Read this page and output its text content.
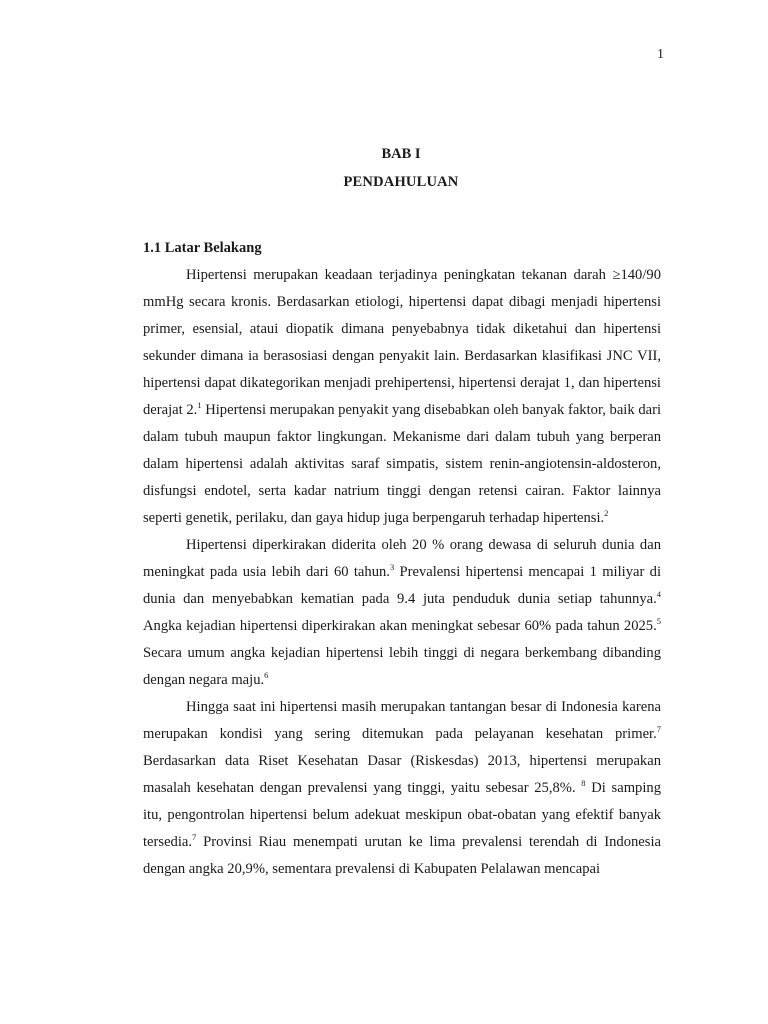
1
BAB I
PENDAHULUAN
1.1 Latar Belakang

Hipertensi merupakan keadaan terjadinya peningkatan tekanan darah ≥140/90 mmHg secara kronis. Berdasarkan etiologi, hipertensi dapat dibagi menjadi hipertensi primer, esensial, ataui diopatik dimana penyebabnya tidak diketahui dan hipertensi sekunder dimana ia berasosiasi dengan penyakit lain. Berdasarkan klasifikasi JNC VII, hipertensi dapat dikategorikan menjadi prehipertensi, hipertensi derajat 1, dan hipertensi derajat 2.$^1$ Hipertensi merupakan penyakit yang disebabkan oleh banyak faktor, baik dari dalam tubuh maupun faktor lingkungan. Mekanisme dari dalam tubuh yang berperan dalam hipertensi adalah aktivitas saraf simpatis, sistem renin-angiotensin-aldosteron, disfungsi endotel, serta kadar natrium tinggi dengan retensi cairan. Faktor lainnya seperti genetik, perilaku, dan gaya hidup juga berpengaruh terhadap hipertensi.$^2$

Hipertensi diperkirakan diderita oleh 20 % orang dewasa di seluruh dunia dan meningkat pada usia lebih dari 60 tahun.$^3$ Prevalensi hipertensi mencapai 1 miliyar di dunia dan menyebabkan kematian pada 9.4 juta penduduk dunia setiap tahunnya.$^4$ Angka kejadian hipertensi diperkirakan akan meningkat sebesar 60% pada tahun 2025.$^5$ Secara umum angka kejadian hipertensi lebih tinggi di negara berkembang dibanding dengan negara maju.$^6$

Hingga saat ini hipertensi masih merupakan tantangan besar di Indonesia karena merupakan kondisi yang sering ditemukan pada pelayanan kesehatan primer.$^7$ Berdasarkan data Riset Kesehatan Dasar (Riskesdas) 2013, hipertensi merupakan masalah kesehatan dengan prevalensi yang tinggi, yaitu sebesar 25,8%. $^8$ Di samping itu, pengontrolan hipertensi belum adekuat meskipun obat-obatan yang efektif banyak tersedia.$^7$ Provinsi Riau menempati urutan ke lima prevalensi terendah di Indonesia dengan angka 20,9%, sementara prevalensi di Kabupaten Pelalawan mencapai
